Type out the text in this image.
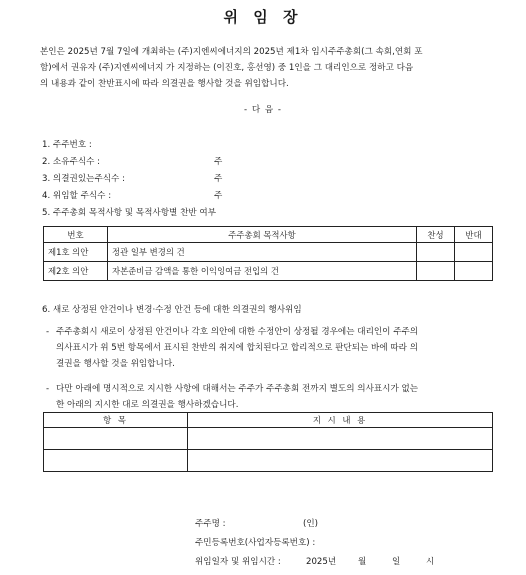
위 임 장
본인은 2025년 7월 7일에 개최하는 (주)지엔씨에너지의 2025년 제1차 임시주주총회(그 속회,연회 포
함)에서 권유자 (주)지엔씨에너지 가 지정하는 (이진호, 홍선영) 중 1인을 그 대리인으로 정하고 다음
의 내용과 같이 찬반표시에 따라 의결권을 행사할 것을 위임합니다.
- 다 음 -
1. 주주번호 :
2. 소유주식수 :	주
3. 의결권있는주식수 :	주
4. 위임할 주식수 :	주
5. 주주총회 목적사항 및 목적사항별 찬반 여부
번호	주주총회 목적사항	찬성	반대
제1호 의안	정관 일부 변경의 건		
제2호 의안	자본준비금 감액을 통한 이익잉여금 전입의 건		
6. 새로 상정된 안건이나 변경·수정 안건 등에 대한 의결권의 행사위임
- 주주총회시 새로이 상정된 안건이나 각호 의안에 대한 수정안이 상정될 경우에는 대리인이 주주의
의사표시가 위 5번 항목에서 표시된 찬반의 취지에 합치된다고 합리적으로 판단되는 바에 따라 의
결권을 행사할 것을 위임합니다.
- 다만 아래에 명시적으로 지시한 사항에 대해서는 주주가 주주총회 전까지 별도의 의사표시가 없는
한 아래의 지시한 대로 의결권을 행사하겠습니다.
항 목	지 시 내 용

주주명 :	(인)
주민등록번호(사업자등록번호) :
위임일자 및 위임시간 :	2025년	월	일	시
